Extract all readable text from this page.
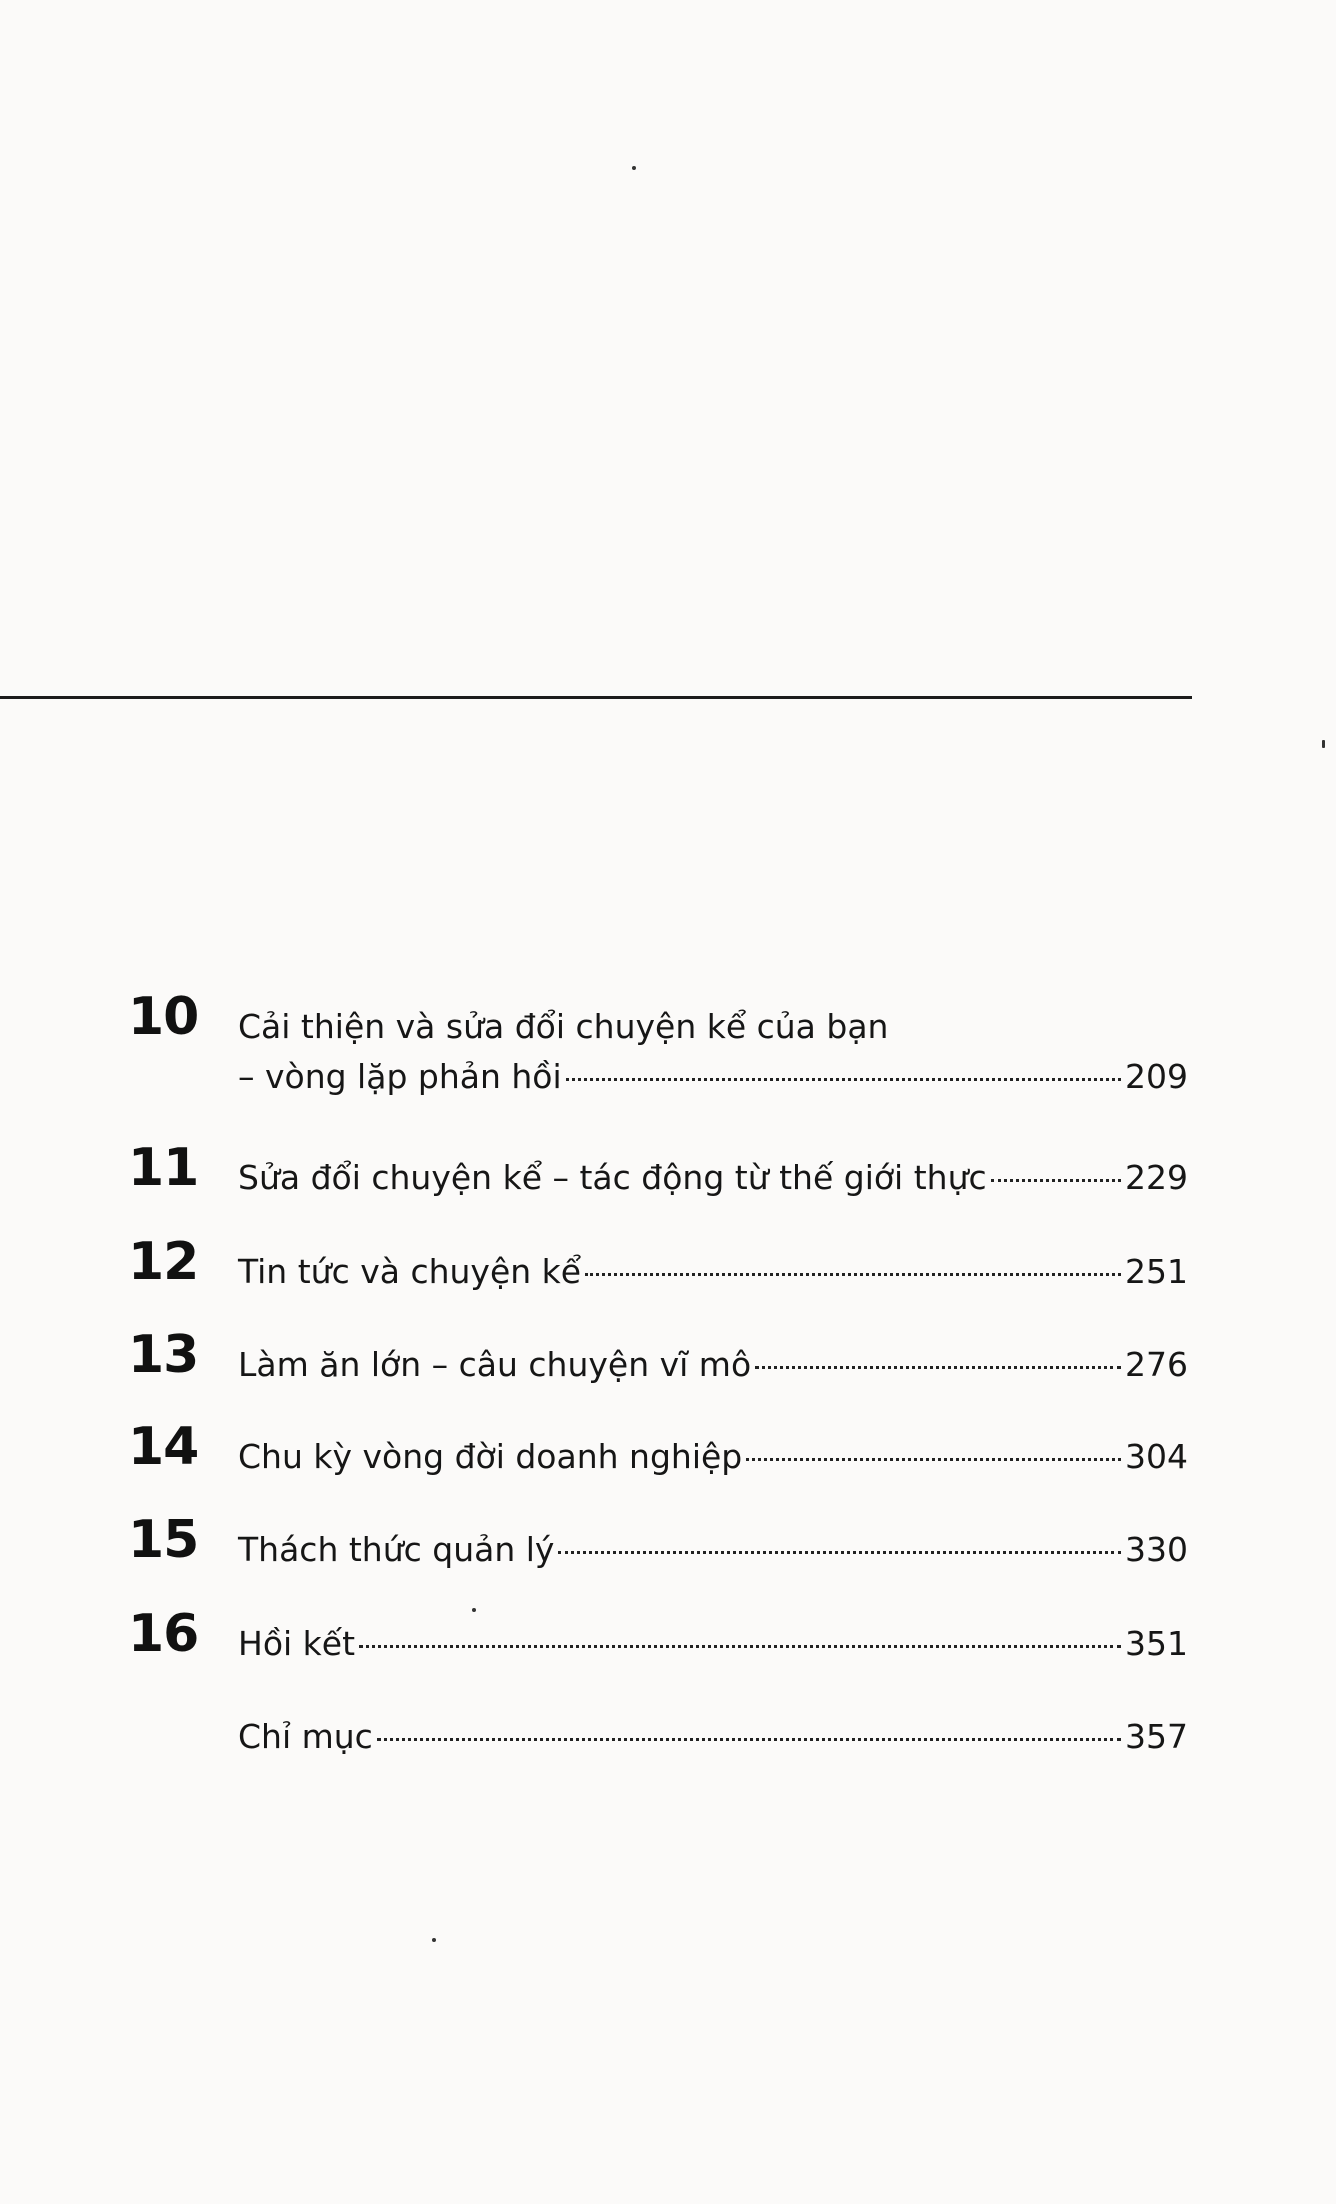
10 Cải thiện và sửa đổi chuyện kể của bạn
– vòng lặp phản hồi	209
11 Sửa đổi chuyện kể – tác động từ thế giới thực	229
12 Tin tức và chuyện kể	251
13 Làm ăn lớn – câu chuyện vĩ mô	276
14 Chu kỳ vòng đời doanh nghiệp	304
15 Thách thức quản lý	330
16 Hồi kết	351
Chỉ mục	357
